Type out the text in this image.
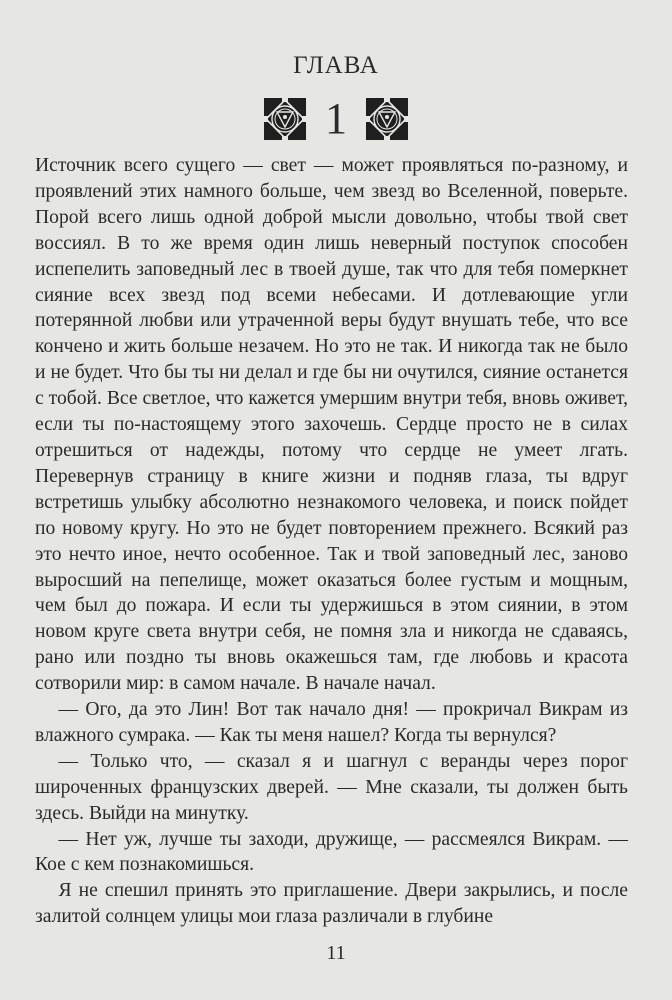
ГЛАВА
1

Источник всего сущего — свет — может проявляться по-разному, и проявлений этих намного больше, чем звезд во Вселенной, поверьте. Порой всего лишь одной доброй мысли довольно, чтобы твой свет воссиял. В то же время один лишь неверный поступок способен испепелить заповедный лес в твоей душе, так что для тебя померкнет сияние всех звезд под всеми небесами. И дотлевающие угли потерянной любви или утраченной веры будут внушать тебе, что все кончено и жить больше незачем. Но это не так. И никогда так не было и не будет. Что бы ты ни делал и где бы ни очутился, сияние останется с тобой. Все светлое, что кажется умершим внутри тебя, вновь оживет, если ты по-настоящему этого захочешь. Сердце просто не в силах отрешиться от надежды, потому что сердце не умеет лгать. Перевернув страницу в книге жизни и подняв глаза, ты вдруг встретишь улыбку абсолютно незнакомого человека, и поиск пойдет по новому кругу. Но это не будет повторением прежнего. Всякий раз это нечто иное, нечто особенное. Так и твой заповедный лес, заново выросший на пепелище, может оказаться более густым и мощным, чем был до пожара. И если ты удержишься в этом сиянии, в этом новом круге света внутри себя, не помня зла и никогда не сдаваясь, рано или поздно ты вновь окажешься там, где любовь и красота сотворили мир: в самом начале. В начале начал.

— Ого, да это Лин! Вот так начало дня! — прокричал Викрам из влажного сумрака. — Как ты меня нашел? Когда ты вернулся?

— Только что, — сказал я и шагнул с веранды через порог широченных французских дверей. — Мне сказали, ты должен быть здесь. Выйди на минутку.

— Нет уж, лучше ты заходи, дружище, — рассмеялся Викрам. — Кое с кем познакомишься.

Я не спешил принять это приглашение. Двери закрылись, и после залитой солнцем улицы мои глаза различали в глубине

11
